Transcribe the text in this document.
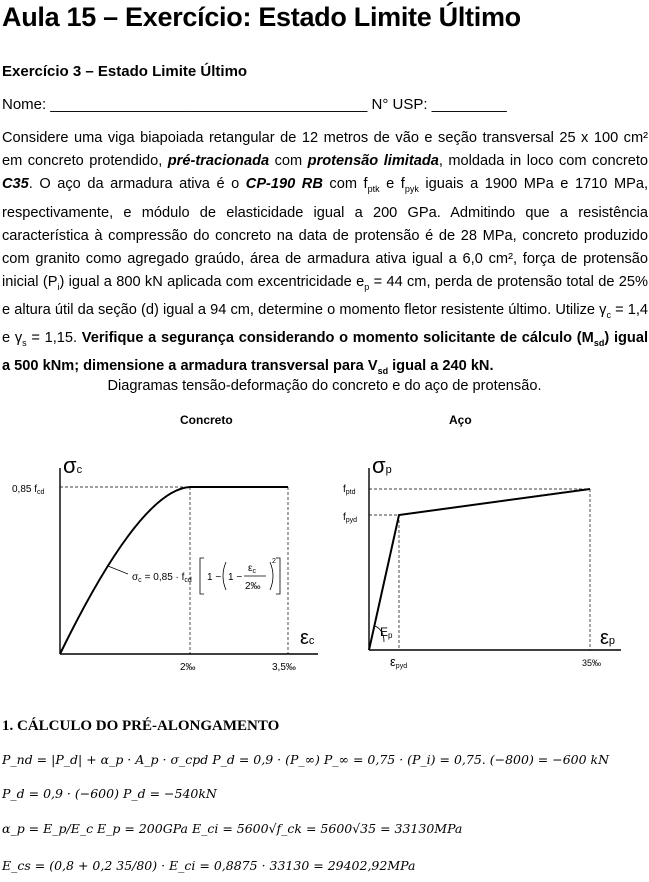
Aula 15 – Exercício: Estado Limite Último
Exercício 3 – Estado Limite Último
Nome: ______________________________________ N° USP: _________
Considere uma viga biapoiada retangular de 12 metros de vão e seção transversal 25 x 100 cm² em concreto protendido, pré-tracionada com protensão limitada, moldada in loco com concreto C35. O aço da armadura ativa é o CP-190 RB com $f_{ptk}$ e $f_{pyk}$ iguais a 1900 MPa e 1710 MPa, respectivamente, e módulo de elasticidade igual a 200 GPa. Admitindo que a resistência característica à compressão do concreto na data de protensão é de 28 MPa, concreto produzido com granito como agregado graúdo, área de armadura ativa igual a 6,0 cm², força de protensão inicial $(P_i)$ igual a 800 kN aplicada com excentricidade $e_p = 44$ cm, perda de protensão total de 25% e altura útil da seção (d) igual a 94 cm, determine o momento fletor resistente último. Utilize $\gamma_c = 1,4$ e $\gamma_s = 1,15$. Verifique a segurança considerando o momento solicitante de cálculo $(M_{sd})$ igual a 500 kNm; dimensione a armadura transversal para $V_{sd}$ igual a 240 kN.
Diagramas tensão-deformação do concreto e do aço de protensão.
Concreto	Aço
σc
0,85 $f_{cd}$
$\sigma_c = 0,85 \cdot f_{cd}$ 1 − 1 −
$\varepsilon_c$
2‰
2
εc
2‰	3,5‰
σp
$f_{ptd}$
$f_{pyd}$
Ep	εp
εpyd	35‰
1. CÁLCULO DO PRÉ-ALONGAMENTO
P_nd = |P_d| + α_p · A_p · σ_cpd P_d = 0,9 · (P_∞) P_∞ = 0,75 · (P_i) = 0,75. (−800) = −600 kN
P_d = 0,9 · (−600) P_d = −540kN
α_p = E_p/E_c E_p = 200GPa E_ci = 5600√f_ck = 5600√35 = 33130MPa
E_cs = (0,8 + 0,2 35/80) · E_ci = 0,8875 · 33130 = 29402,92MPa
